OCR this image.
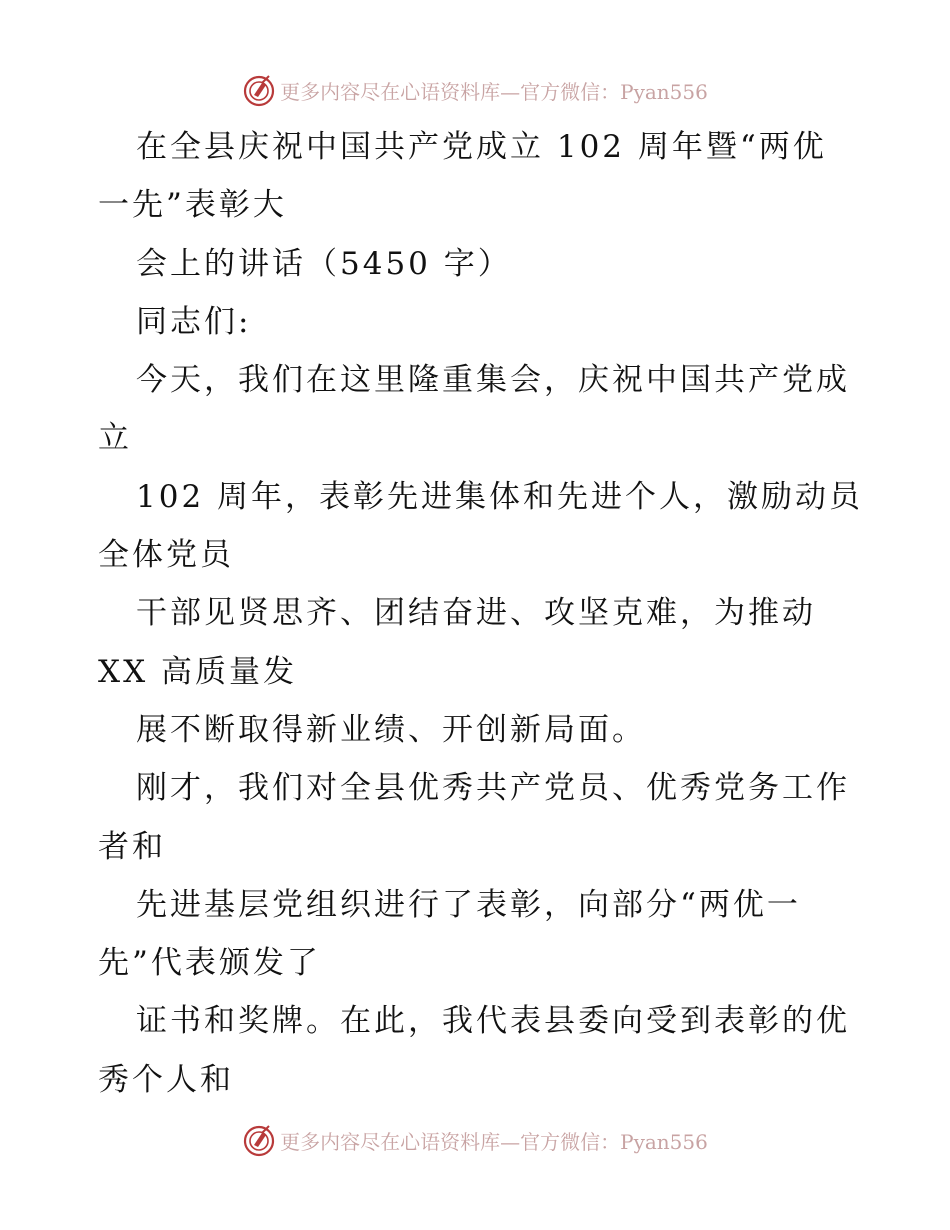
更多内容尽在心语资料库—官方微信：Pyan556
在全县庆祝中国共产党成立 102 周年暨“两优
一先”表彰大
会上的讲话（5450 字）
同志们:
今天，我们在这里隆重集会，庆祝中国共产党成
立
102 周年，表彰先进集体和先进个人，激励动员
全体党员
干部见贤思齐、团结奋进、攻坚克难，为推动
XX 高质量发
展不断取得新业绩、开创新局面。
刚才，我们对全县优秀共产党员、优秀党务工作
者和
先进基层党组织进行了表彰，向部分“两优一
先”代表颁发了
证书和奖牌。在此，我代表县委向受到表彰的优
秀个人和
更多内容尽在心语资料库—官方微信：Pyan556
